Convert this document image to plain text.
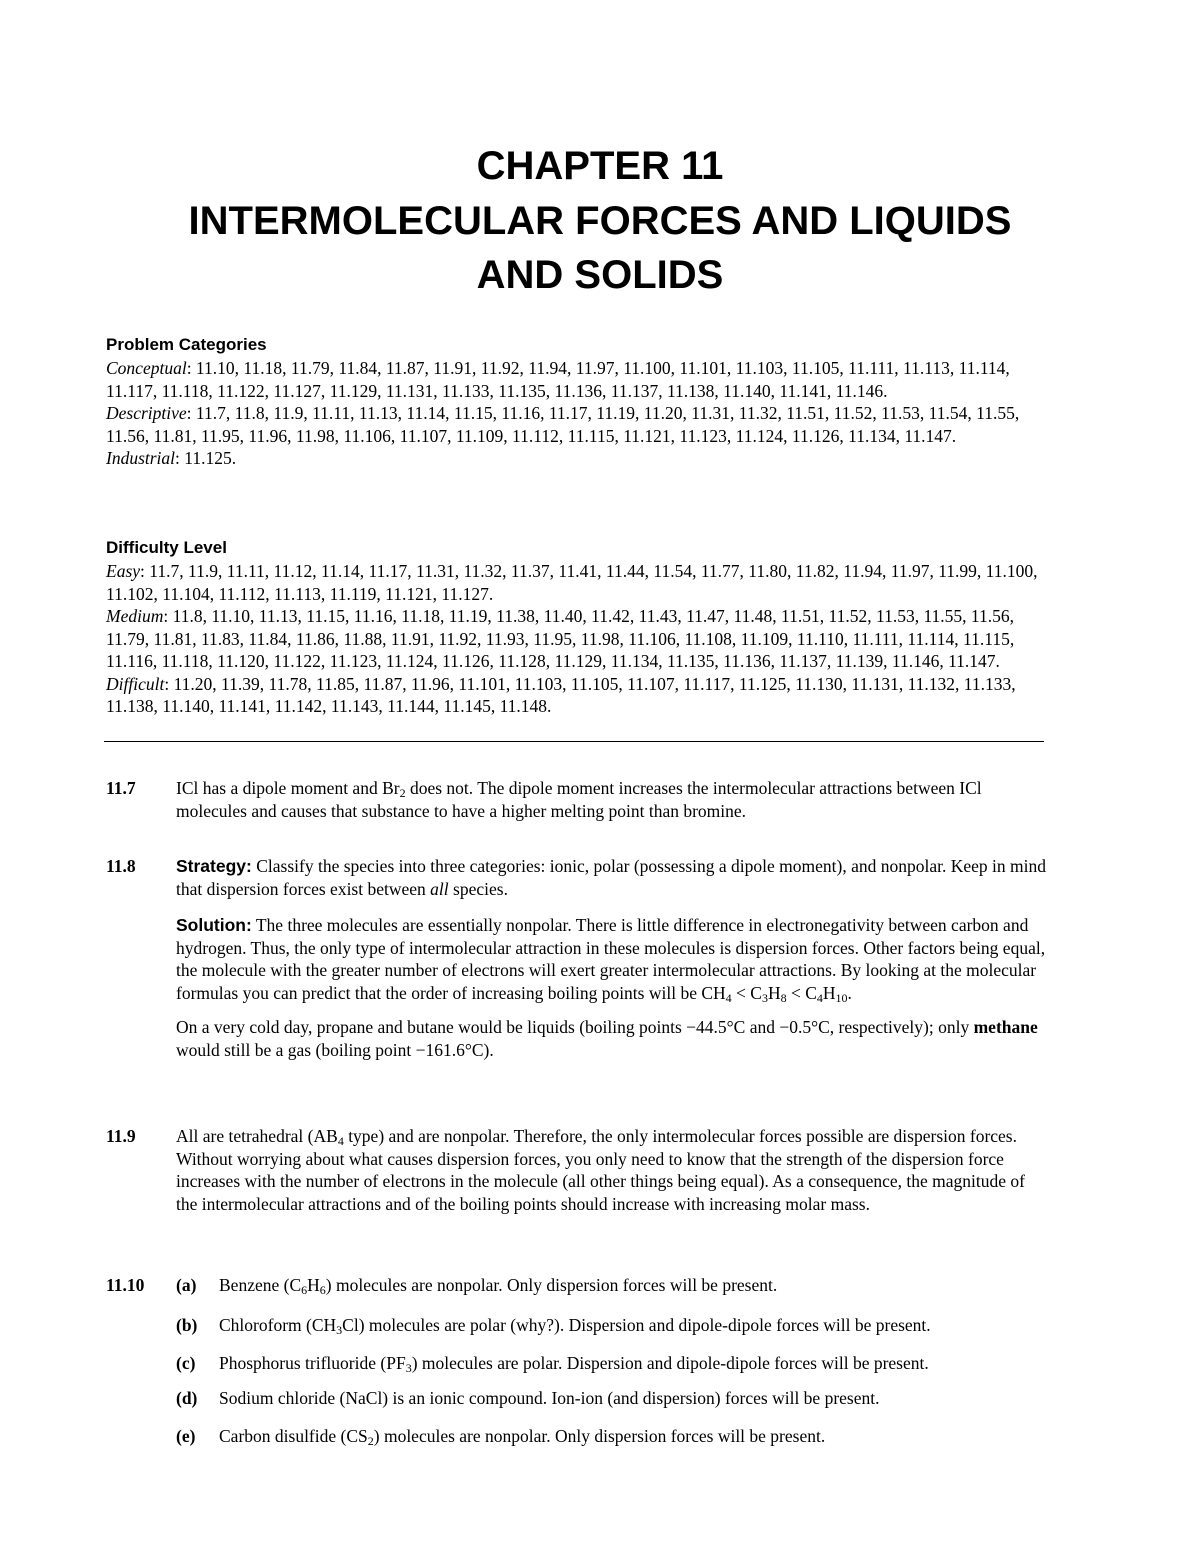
CHAPTER 11
INTERMOLECULAR FORCES AND LIQUIDS
AND SOLIDS
Problem Categories
Conceptual: 11.10, 11.18, 11.79, 11.84, 11.87, 11.91, 11.92, 11.94, 11.97, 11.100, 11.101, 11.103, 11.105, 11.111, 11.113, 11.114, 11.117, 11.118, 11.122, 11.127, 11.129, 11.131, 11.133, 11.135, 11.136, 11.137, 11.138, 11.140, 11.141, 11.146.
Descriptive: 11.7, 11.8, 11.9, 11.11, 11.13, 11.14, 11.15, 11.16, 11.17, 11.19, 11.20, 11.31, 11.32, 11.51, 11.52, 11.53, 11.54, 11.55, 11.56, 11.81, 11.95, 11.96, 11.98, 11.106, 11.107, 11.109, 11.112, 11.115, 11.121, 11.123, 11.124, 11.126, 11.134, 11.147.
Industrial: 11.125.
Difficulty Level
Easy: 11.7, 11.9, 11.11, 11.12, 11.14, 11.17, 11.31, 11.32, 11.37, 11.41, 11.44, 11.54, 11.77, 11.80, 11.82, 11.94, 11.97, 11.99, 11.100, 11.102, 11.104, 11.112, 11.113, 11.119, 11.121, 11.127.
Medium: 11.8, 11.10, 11.13, 11.15, 11.16, 11.18, 11.19, 11.38, 11.40, 11.42, 11.43, 11.47, 11.48, 11.51, 11.52, 11.53, 11.55, 11.56, 11.79, 11.81, 11.83, 11.84, 11.86, 11.88, 11.91, 11.92, 11.93, 11.95, 11.98, 11.106, 11.108, 11.109, 11.110, 11.111, 11.114, 11.115, 11.116, 11.118, 11.120, 11.122, 11.123, 11.124, 11.126, 11.128, 11.129, 11.134, 11.135, 11.136, 11.137, 11.139, 11.146, 11.147.
Difficult: 11.20, 11.39, 11.78, 11.85, 11.87, 11.96, 11.101, 11.103, 11.105, 11.107, 11.117, 11.125, 11.130, 11.131, 11.132, 11.133, 11.138, 11.140, 11.141, 11.142, 11.143, 11.144, 11.145, 11.148.
11.7 ICl has a dipole moment and $Br_2$ does not. The dipole moment increases the intermolecular attractions between ICl molecules and causes that substance to have a higher melting point than bromine.

11.8 Strategy: Classify the species into three categories: ionic, polar (possessing a dipole moment), and nonpolar. Keep in mind that dispersion forces exist between all species.

Solution: The three molecules are essentially nonpolar. There is little difference in electronegativity between carbon and hydrogen. Thus, the only type of intermolecular attraction in these molecules is dispersion forces. Other factors being equal, the molecule with the greater number of electrons will exert greater intermolecular attractions. By looking at the molecular formulas you can predict that the order of increasing boiling points will be $CH_4 < C_3H_8 < C_4H_{10}$.

On a very cold day, propane and butane would be liquids (boiling points −44.5°C and −0.5°C, respectively); only methane would still be a gas (boiling point −161.6°C).

11.9 All are tetrahedral ($AB_4$ type) and are nonpolar. Therefore, the only intermolecular forces possible are dispersion forces. Without worrying about what causes dispersion forces, you only need to know that the strength of the dispersion force increases with the number of electrons in the molecule (all other things being equal). As a consequence, the magnitude of the intermolecular attractions and of the boiling points should increase with increasing molar mass.

11.10 (a) Benzene $(C_6H_6)$ molecules are nonpolar. Only dispersion forces will be present.
(b) Chloroform $(CH_3Cl)$ molecules are polar (why?). Dispersion and dipole-dipole forces will be present.
(c) Phosphorus trifluoride $(PF_3)$ molecules are polar. Dispersion and dipole-dipole forces will be present.
(d) Sodium chloride (NaCl) is an ionic compound. Ion-ion (and dispersion) forces will be present.
(e) Carbon disulfide $(CS_2)$ molecules are nonpolar. Only dispersion forces will be present.
